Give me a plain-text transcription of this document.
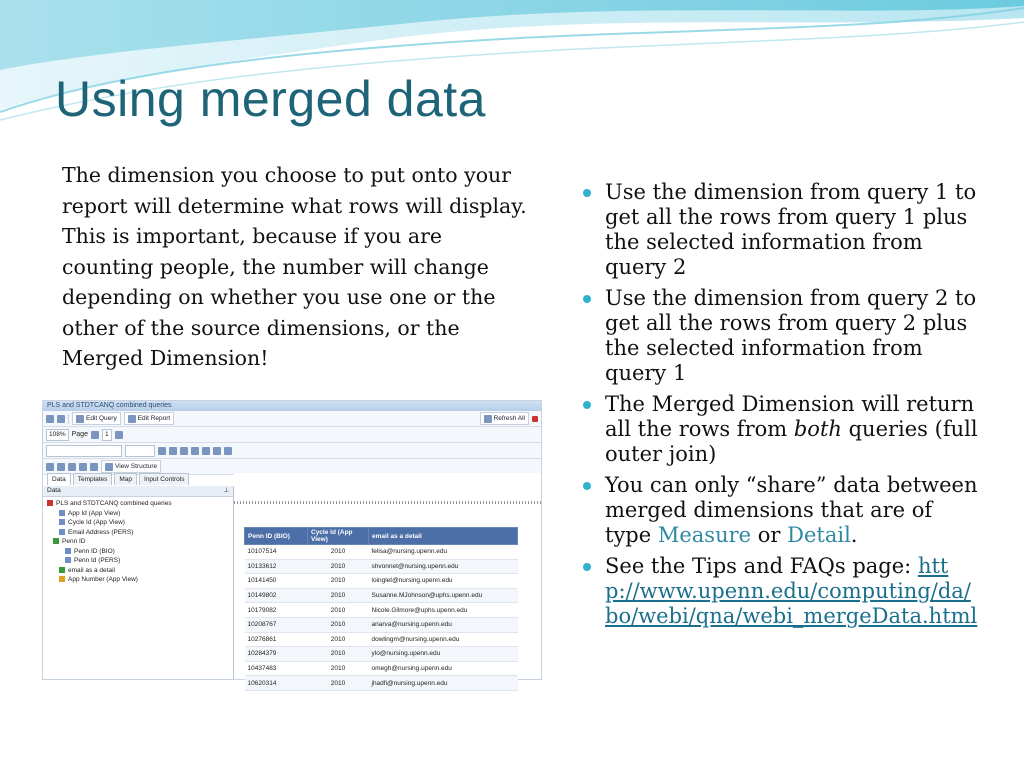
Using merged data
The dimension you choose to put onto your report will determine what rows will display. This is important, because if you are counting people, the number will change depending on whether you use one or the other of the source dimensions, or the Merged Dimension!
Use the dimension from query 1 to get all the rows from query 1 plus the selected information from query 2
Use the dimension from query 2 to get all the rows from query 2 plus the selected information from query 1
The Merged Dimension will return all the rows from both queries (full outer join)
You can only “share” data between merged dimensions that are of type Measure or Detail.
See the Tips and FAQs page: http://www.upenn.edu/computing/da/bo/webi/qna/webi_mergeData.html
PLS and STDTCANQ combined queries
Edit Query	Edit Report	Refresh All
108% Page	1
View Structure
Data	Templates	Map	Input Controls
Data	⊥
PLS and STDTCANQ combined queries
App Id (App View)
Cycle Id (App View)
Email Address (PERS)
Penn ID
Penn ID (BIO)
Penn Id (PERS)
email as a detail
App Number (App View)
Penn ID (BIO)	Cycle Id (App View)	email as a detail
10107514	2010	felisa@nursing.upenn.edu
10133612	2010	shvonnet@nursing.upenn.edu
10141450	2010	loinglet@nursing.upenn.edu
10149802	2010	Susanne.MJohnson@uphs.upenn.edu
10179082	2010	Nicole.Gilmore@uphs.upenn.edu
10208767	2010	anarva@nursing.upenn.edu
10276861	2010	dowlingm@nursing.upenn.edu
10284379	2010	ylo@nursing.upenn.edu
10437483	2010	omegh@nursing.upenn.edu
10620314	2010	jhadfi@nursing.upenn.edu
